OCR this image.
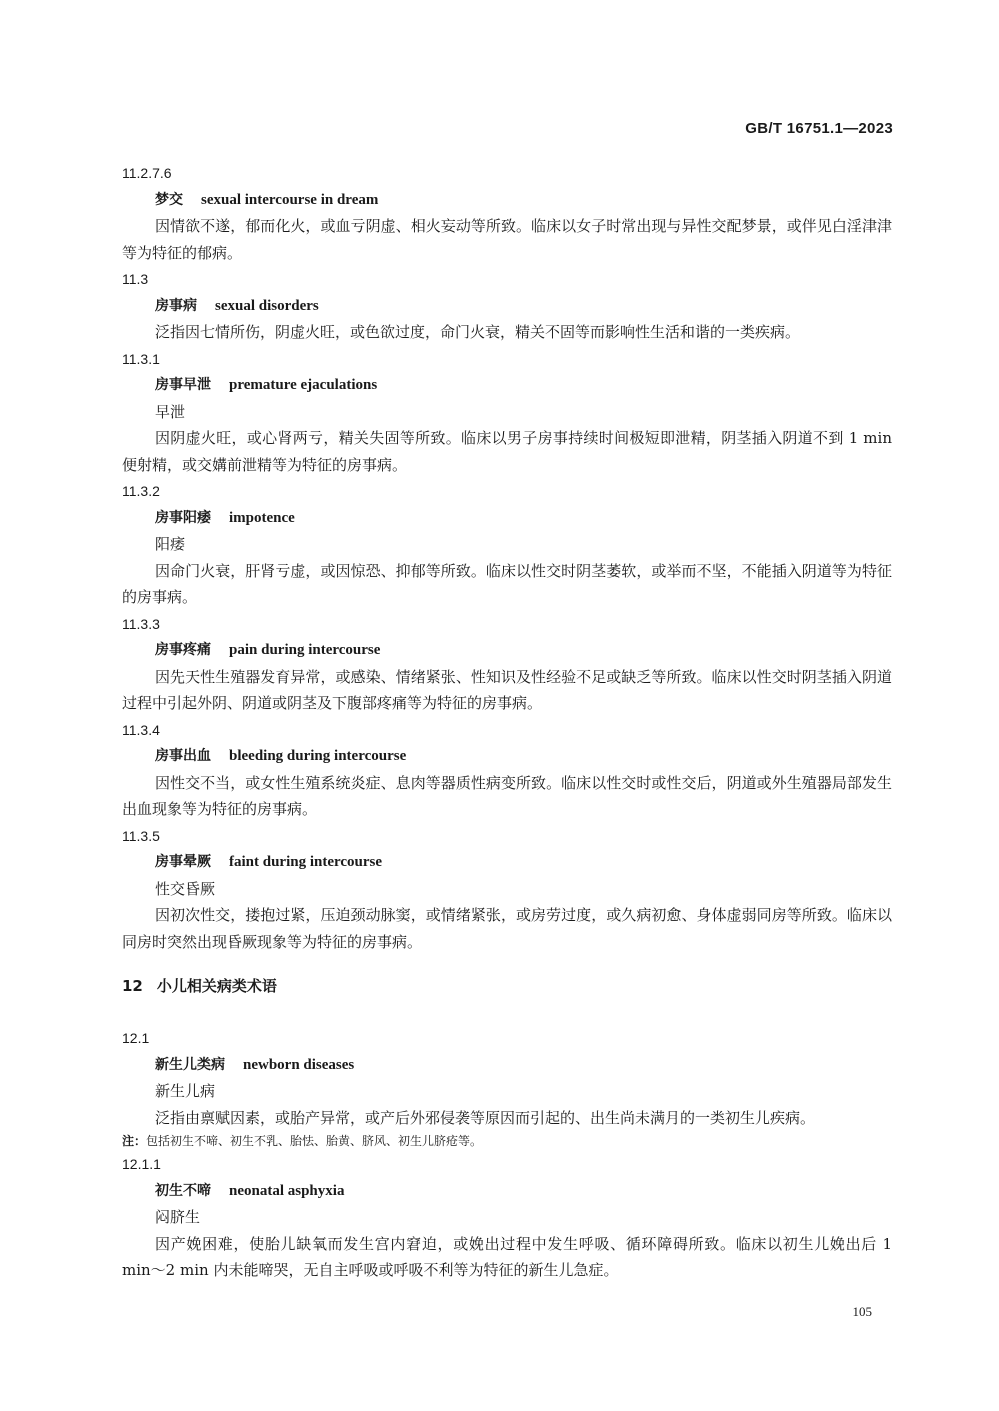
GB/T 16751.1—2023
11.2.7.6
梦交 sexual intercourse in dream
因情欲不遂，郁而化火，或血亏阴虚、相火妄动等所致。临床以女子时常出现与异性交配梦景，或伴见白淫津津等为特征的郁病。
11.3
房事病 sexual disorders
泛指因七情所伤，阴虚火旺，或色欲过度，命门火衰，精关不固等而影响性生活和谐的一类疾病。
11.3.1
房事早泄 premature ejaculations
早泄
因阴虚火旺，或心肾两亏，精关失固等所致。临床以男子房事持续时间极短即泄精，阴茎插入阴道不到 1 min 便射精，或交媾前泄精等为特征的房事病。
11.3.2
房事阳痿 impotence
阳痿
因命门火衰，肝肾亏虚，或因惊恐、抑郁等所致。临床以性交时阴茎萎软，或举而不坚，不能插入阴道等为特征的房事病。
11.3.3
房事疼痛 pain during intercourse
因先天性生殖器发育异常，或感染、情绪紧张、性知识及性经验不足或缺乏等所致。临床以性交时阴茎插入阴道过程中引起外阴、阴道或阴茎及下腹部疼痛等为特征的房事病。
11.3.4
房事出血 bleeding during intercourse
因性交不当，或女性生殖系统炎症、息肉等器质性病变所致。临床以性交时或性交后，阴道或外生殖器局部发生出血现象等为特征的房事病。
11.3.5
房事晕厥 faint during intercourse
性交昏厥
因初次性交，搂抱过紧，压迫颈动脉窦，或情绪紧张，或房劳过度，或久病初愈、身体虚弱同房等所致。临床以同房时突然出现昏厥现象等为特征的房事病。
12 小儿相关病类术语
12.1
新生儿类病 newborn diseases
新生儿病
泛指由禀赋因素，或胎产异常，或产后外邪侵袭等原因而引起的、出生尚未满月的一类初生儿疾病。
注：包括初生不啼、初生不乳、胎怯、胎黄、脐风、初生儿脐疮等。
12.1.1
初生不啼 neonatal asphyxia
闷脐生
因产娩困难，使胎儿缺氧而发生宫内窘迫，或娩出过程中发生呼吸、循环障碍所致。临床以初生儿娩出后 1 min～2 min 内未能啼哭，无自主呼吸或呼吸不利等为特征的新生儿急症。
105
